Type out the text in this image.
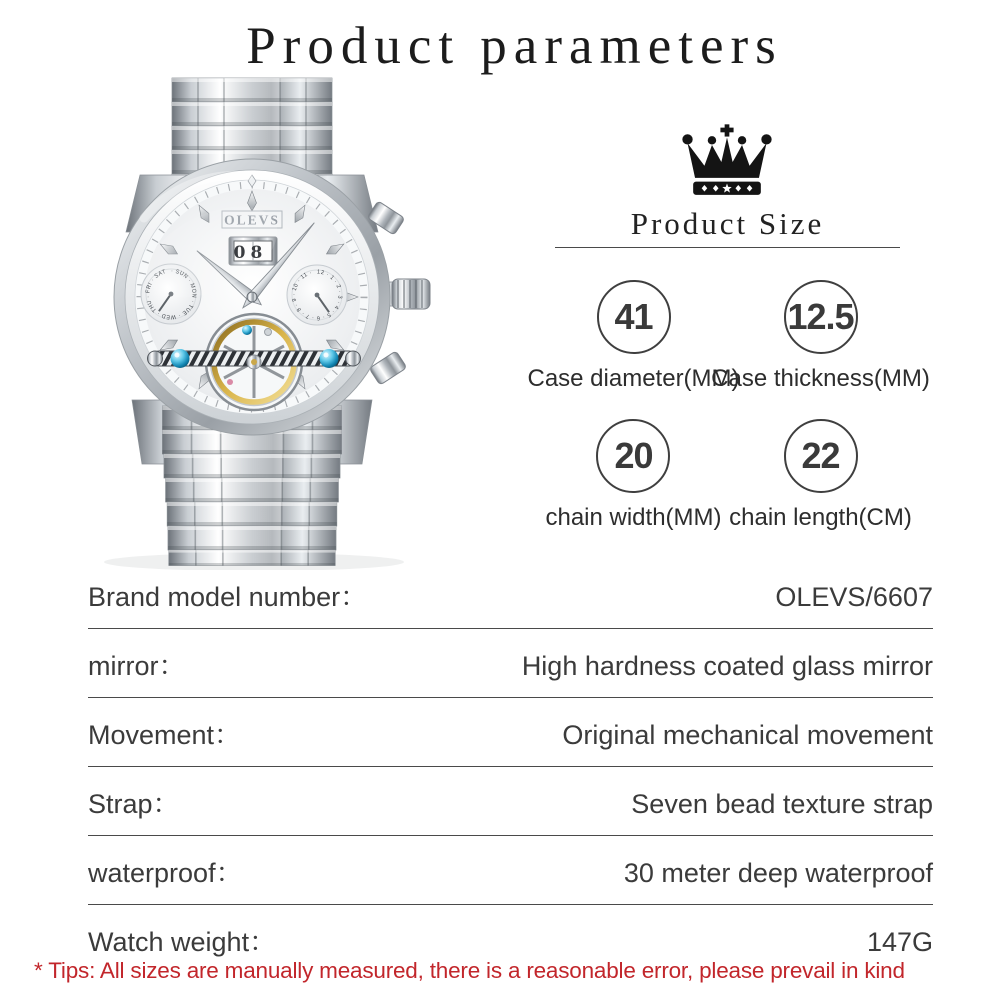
Product parameters
OLEVS
08
· SUN · MON · TUE · WED · THU · FRI · SAT	12 · 1 · 2 · 3 · 4 · 5 · 6 · 7 · 8 · 9 · 10 · 11 ·
Product Size
41
Case diameter(MM)
12.5
Case thickness(MM)
20
chain width(MM)
22
chain length(CM)
Brand model number：	OLEVS/6607
mirror：	High hardness coated glass mirror
Movement：	Original mechanical movement
Strap：	Seven bead texture strap
waterproof：	30 meter deep waterproof
Watch weight：	147G
* Tips: All sizes are manually measured, there is a reasonable error, please prevail in kind
